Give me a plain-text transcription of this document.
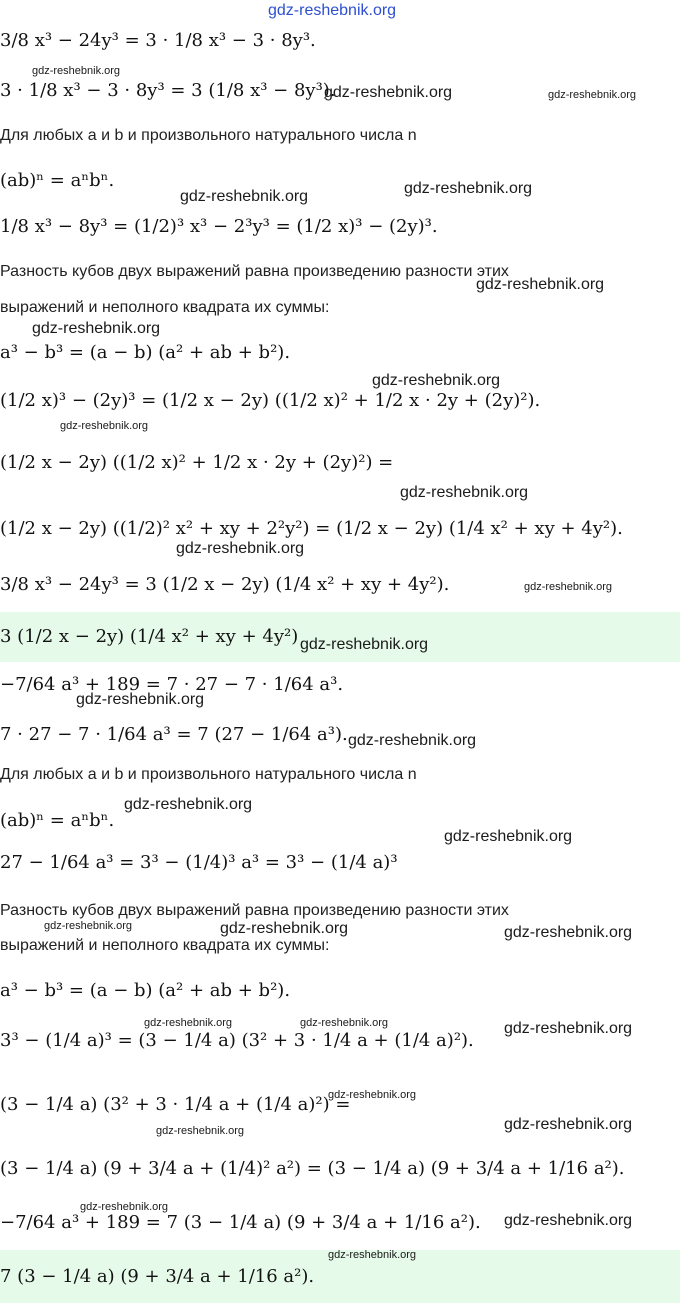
3/8 x³ − 24y³ = 3 · 1/8 x³ − 3 · 8y³.
3 · 1/8 x³ − 3 · 8y³ = 3 (1/8 x³ − 8y³).
Для любых a и b и произвольного натурального числа n
(ab)ⁿ = aⁿbⁿ.
1/8 x³ − 8y³ = (1/2)³ x³ − 2³y³ = (1/2 x)³ − (2y)³.
Разность кубов двух выражений равна произведению разности этих
выражений и неполного квадрата их суммы:
a³ − b³ = (a − b) (a² + ab + b²).
(1/2 x)³ − (2y)³ = (1/2 x − 2y) ((1/2 x)² + 1/2 x · 2y + (2y)²).
(1/2 x − 2y) ((1/2 x)² + 1/2 x · 2y + (2y)²) =
(1/2 x − 2y) ((1/2)² x² + xy + 2²y²) = (1/2 x − 2y) (1/4 x² + xy + 4y²).
3/8 x³ − 24y³ = 3 (1/2 x − 2y) (1/4 x² + xy + 4y²).
3 (1/2 x − 2y) (1/4 x² + xy + 4y²)
−7/64 a³ + 189 = 7 · 27 − 7 · 1/64 a³.
7 · 27 − 7 · 1/64 a³ = 7 (27 − 1/64 a³).
Для любых a и b и произвольного натурального числа n
(ab)ⁿ = aⁿbⁿ.
27 − 1/64 a³ = 3³ − (1/4)³ a³ = 3³ − (1/4 a)³
Разность кубов двух выражений равна произведению разности этих
выражений и неполного квадрата их суммы:
a³ − b³ = (a − b) (a² + ab + b²).
3³ − (1/4 a)³ = (3 − 1/4 a) (3² + 3 · 1/4 a + (1/4 a)²).
(3 − 1/4 a) (3² + 3 · 1/4 a + (1/4 a)²) =
(3 − 1/4 a) (9 + 3/4 a + (1/4)² a²) = (3 − 1/4 a) (9 + 3/4 a + 1/16 a²).
−7/64 a³ + 189 = 7 (3 − 1/4 a) (9 + 3/4 a + 1/16 a²).
7 (3 − 1/4 a) (9 + 3/4 a + 1/16 a²).
gdz-reshebnik.org
gdz-reshebnik.org
gdz-reshebnik.org	gdz-reshebnik.org
gdz-reshebnik.org	gdz-reshebnik.org
gdz-reshebnik.org
gdz-reshebnik.org
gdz-reshebnik.org
gdz-reshebnik.org
gdz-reshebnik.org
gdz-reshebnik.org
gdz-reshebnik.org
gdz-reshebnik.org
gdz-reshebnik.org
gdz-reshebnik.org
gdz-reshebnik.org
gdz-reshebnik.org
gdz-reshebnik.org	gdz-reshebnik.org	gdz-reshebnik.org
gdz-reshebnik.org	gdz-reshebnik.org	gdz-reshebnik.org
gdz-reshebnik.org
gdz-reshebnik.org
gdz-reshebnik.org
gdz-reshebnik.org
gdz-reshebnik.org
gdz-reshebnik.org
